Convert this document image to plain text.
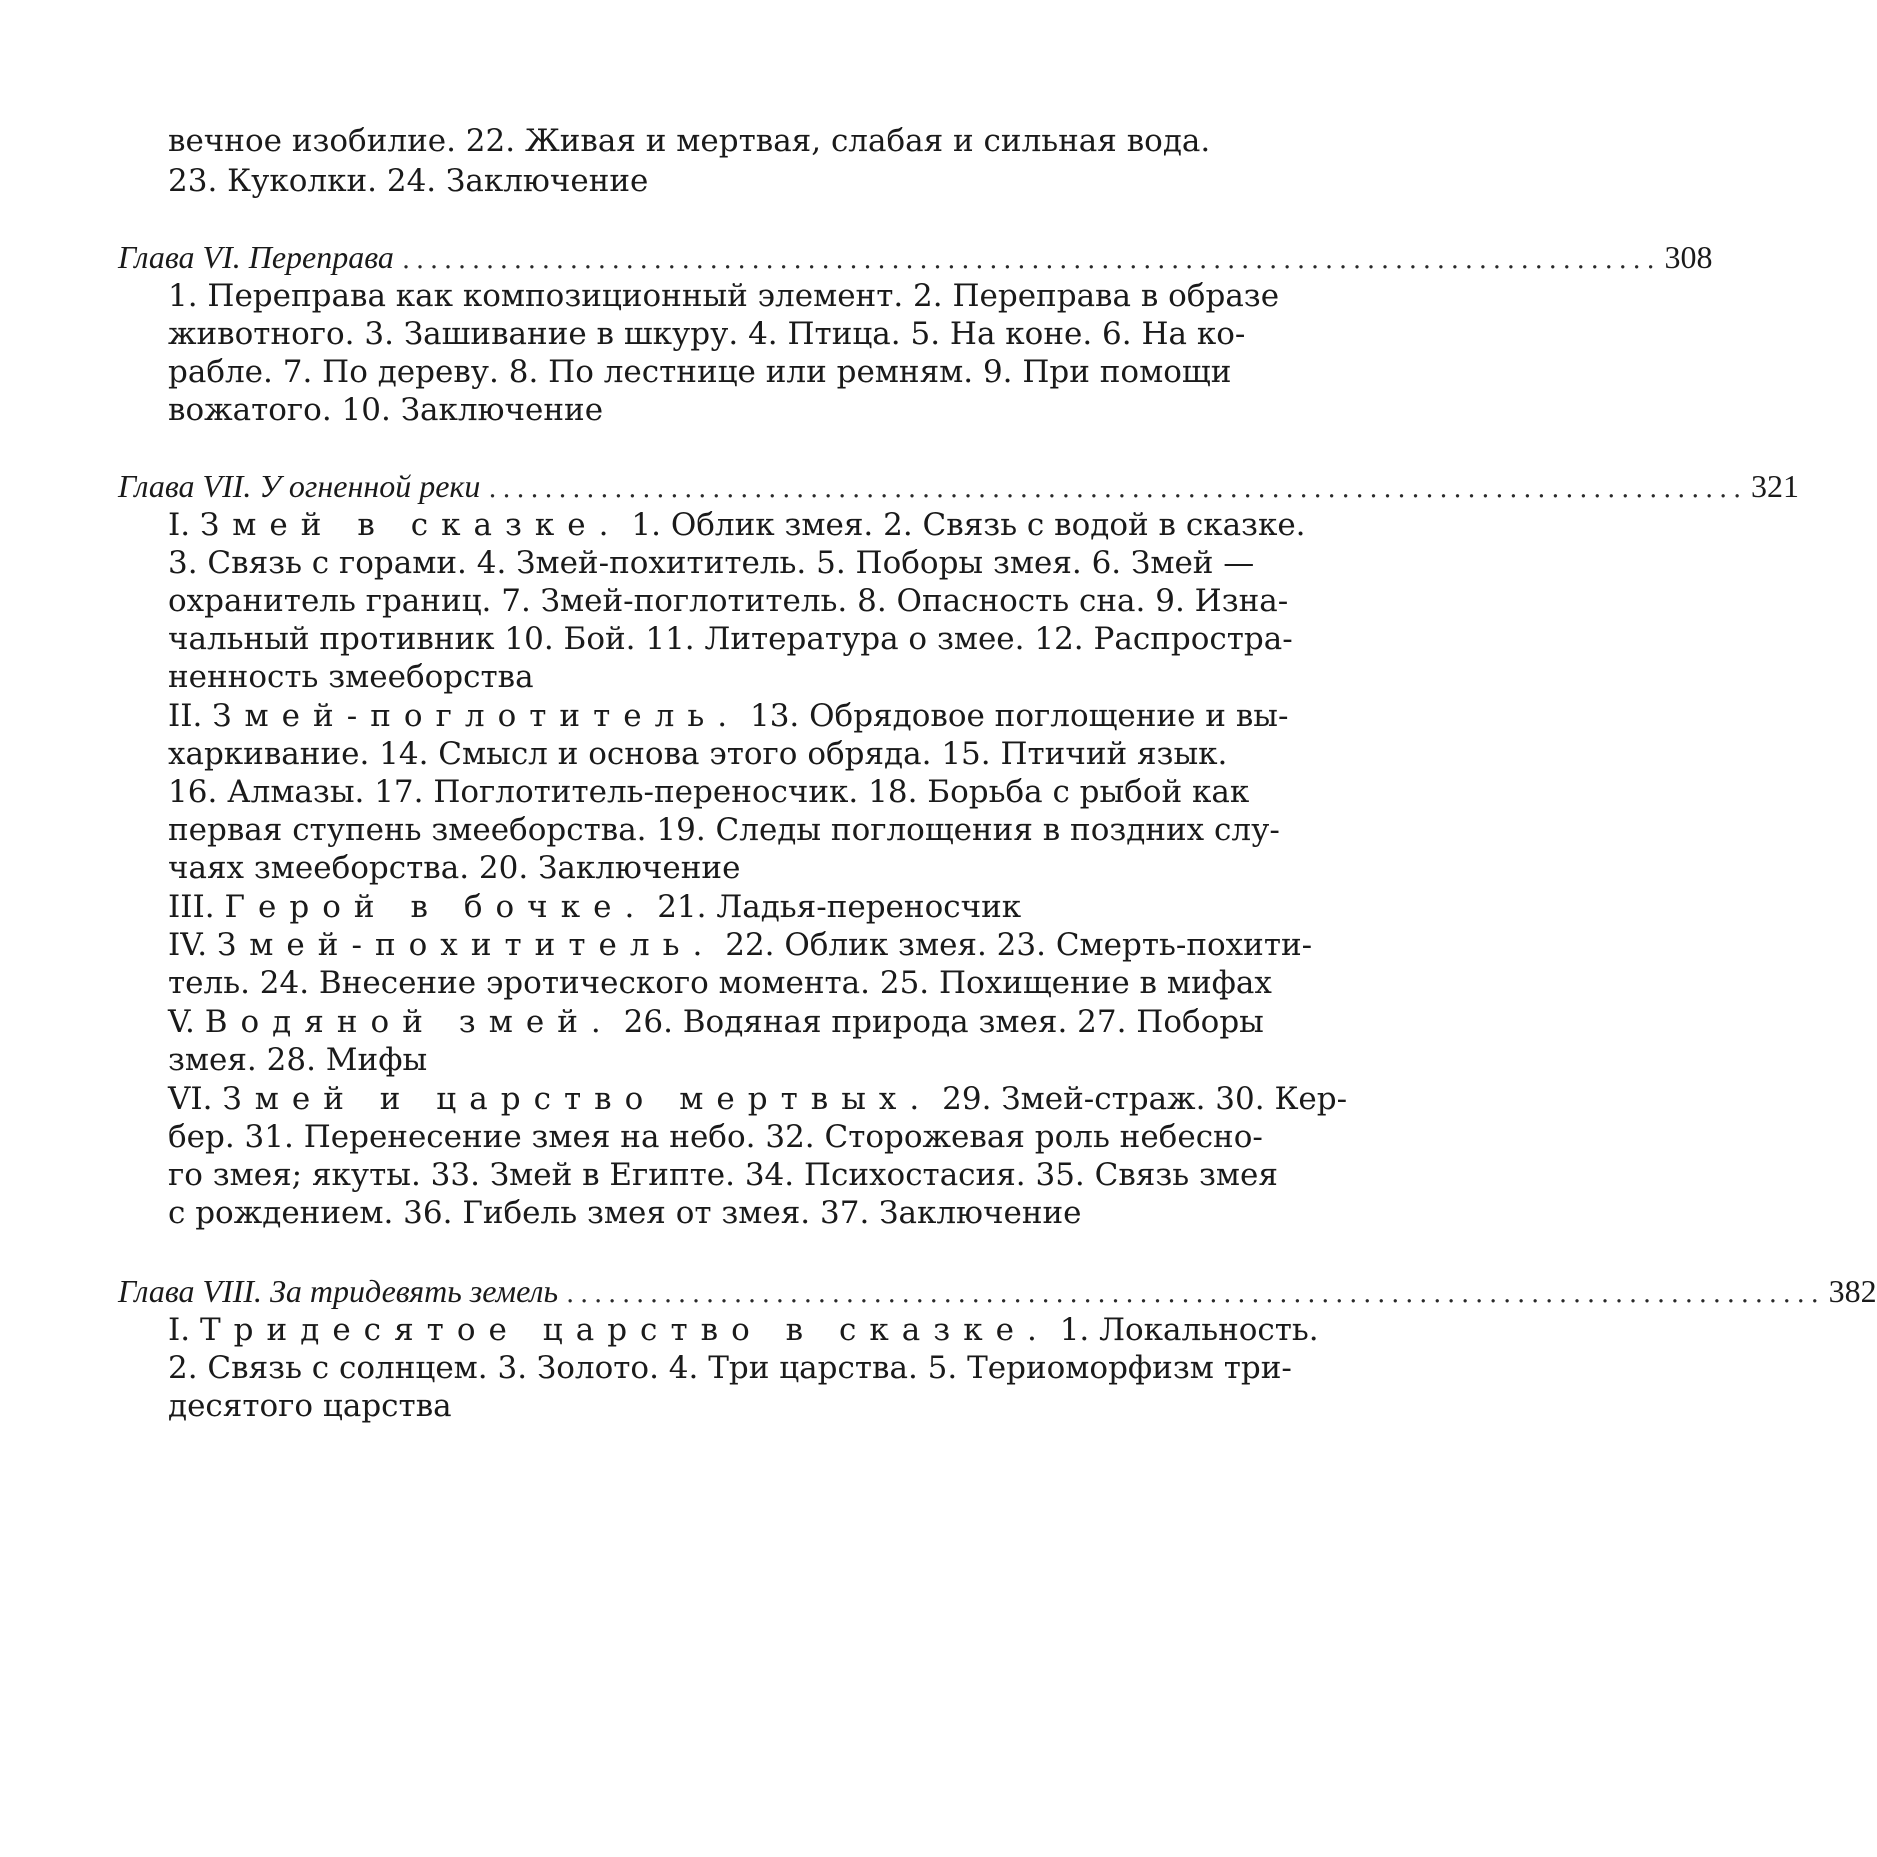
вечное изобилие. 22. Живая и мертвая, слабая и сильная вода.
23. Куколки. 24. Заключение
Глава VI. Переправа .......................................................................................... 308
1. Переправа как композиционный элемент. 2. Переправа в образе
животного. 3. Зашивание в шкуру. 4. Птица. 5. На коне. 6. На ко-
рабле. 7. По дереву. 8. По лестнице или ремням. 9. При помощи
вожатого. 10. Заключение
Глава VII. У огненной реки .......................................................................................... 321
I. Змей в сказке. 1. Облик змея. 2. Связь с водой в сказке.
3. Связь с горами. 4. Змей-похититель. 5. Поборы змея. 6. Змей —
охранитель границ. 7. Змей-поглотитель. 8. Опасность сна. 9. Изна-
чальный противник 10. Бой. 11. Литература о змее. 12. Распростра-
ненность змееборства
II. Змей-поглотитель. 13. Обрядовое поглощение и вы-
харкивание. 14. Смысл и основа этого обряда. 15. Птичий язык.
16. Алмазы. 17. Поглотитель-переносчик. 18. Борьба с рыбой как
первая ступень змееборства. 19. Следы поглощения в поздних слу-
чаях змееборства. 20. Заключение
III. Герой в бочке. 21. Ладья-переносчик
IV. Змей-похититель. 22. Облик змея. 23. Смерть-похити-
тель. 24. Внесение эротического момента. 25. Похищение в мифах
V. Водяной змей. 26. Водяная природа змея. 27. Поборы
змея. 28. Мифы
VI. Змей и царство мертвых. 29. Змей-страж. 30. Кер-
бер. 31. Перенесение змея на небо. 32. Сторожевая роль небесно-
го змея; якуты. 33. Змей в Египте. 34. Психостасия. 35. Связь змея
с рождением. 36. Гибель змея от змея. 37. Заключение
Глава VIII. За тридевять земель .......................................................................................... 382
I. Тридесятое царство в сказке. 1. Локальность.
2. Связь с солнцем. 3. Золото. 4. Три царства. 5. Териоморфизм три-
десятого царства
